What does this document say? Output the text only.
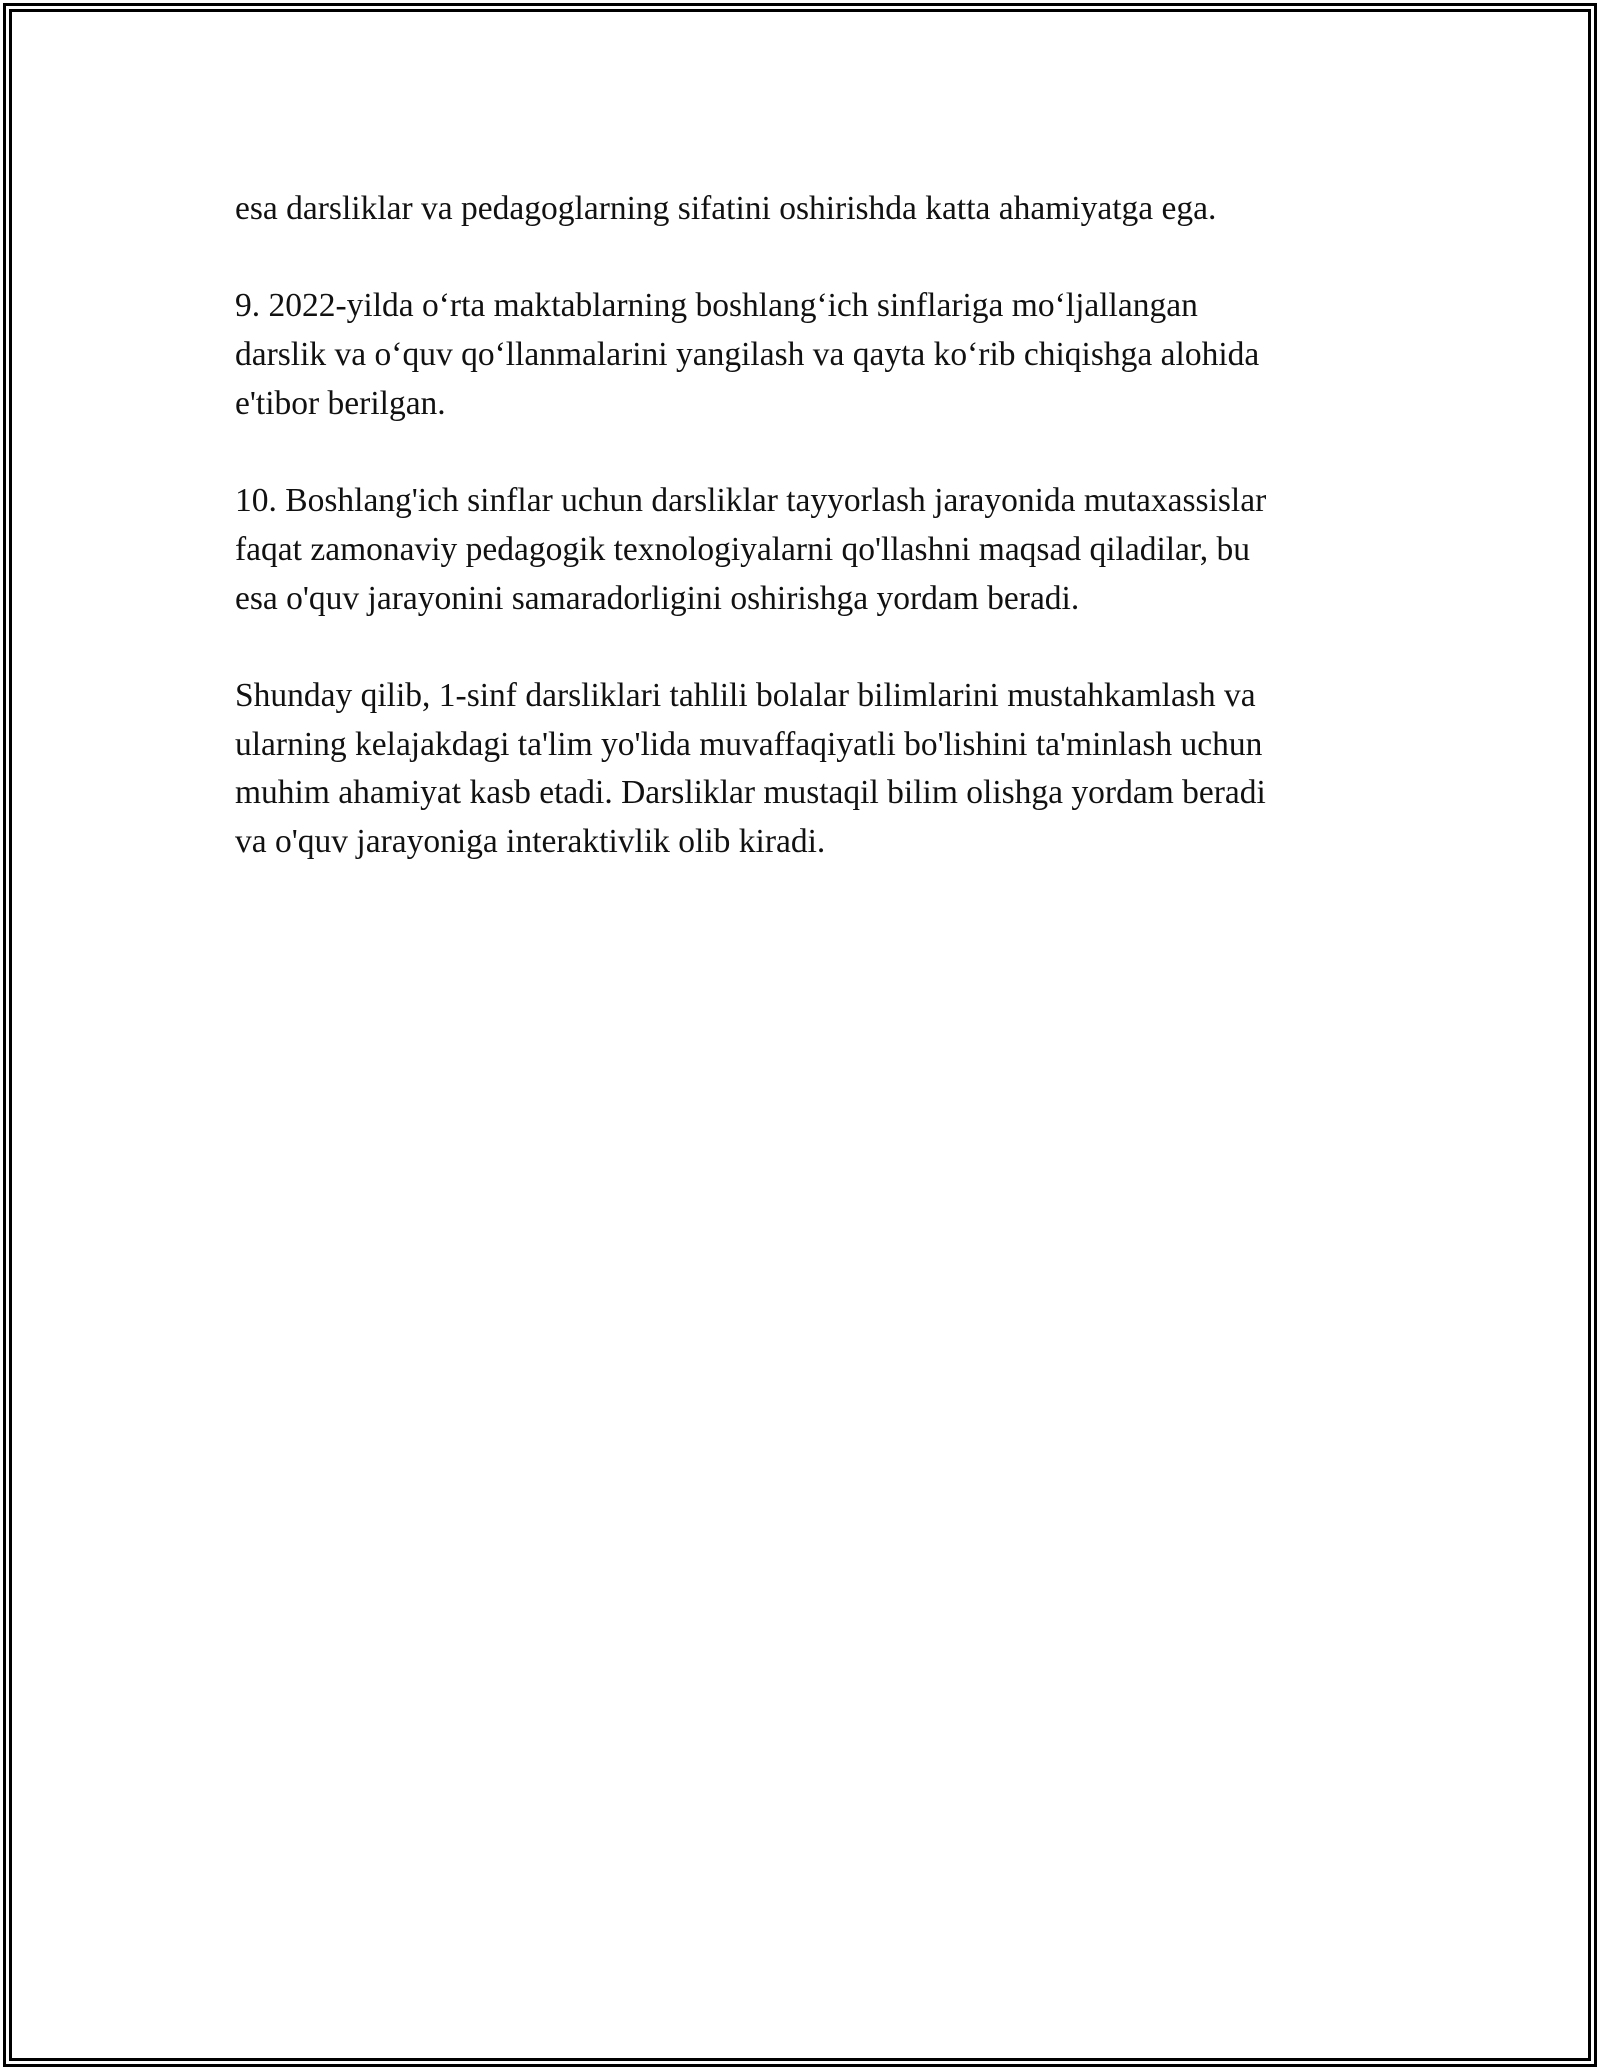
esa darsliklar va pedagoglarning sifatini oshirishda katta ahamiyatga ega.

9. 2022-yilda o‘rta maktablarning boshlang‘ich sinflariga mo‘ljallangan
darslik va o‘quv qo‘llanmalarini yangilash va qayta ko‘rib chiqishga alohida
e'tibor berilgan.

10. Boshlang'ich sinflar uchun darsliklar tayyorlash jarayonida mutaxassislar
faqat zamonaviy pedagogik texnologiyalarni qo'llashni maqsad qiladilar, bu
esa o'quv jarayonini samaradorligini oshirishga yordam beradi.

Shunday qilib, 1-sinf darsliklari tahlili bolalar bilimlarini mustahkamlash va
ularning kelajakdagi ta'lim yo'lida muvaffaqiyatli bo'lishini ta'minlash uchun
muhim ahamiyat kasb etadi. Darsliklar mustaqil bilim olishga yordam beradi
va o'quv jarayoniga interaktivlik olib kiradi.
